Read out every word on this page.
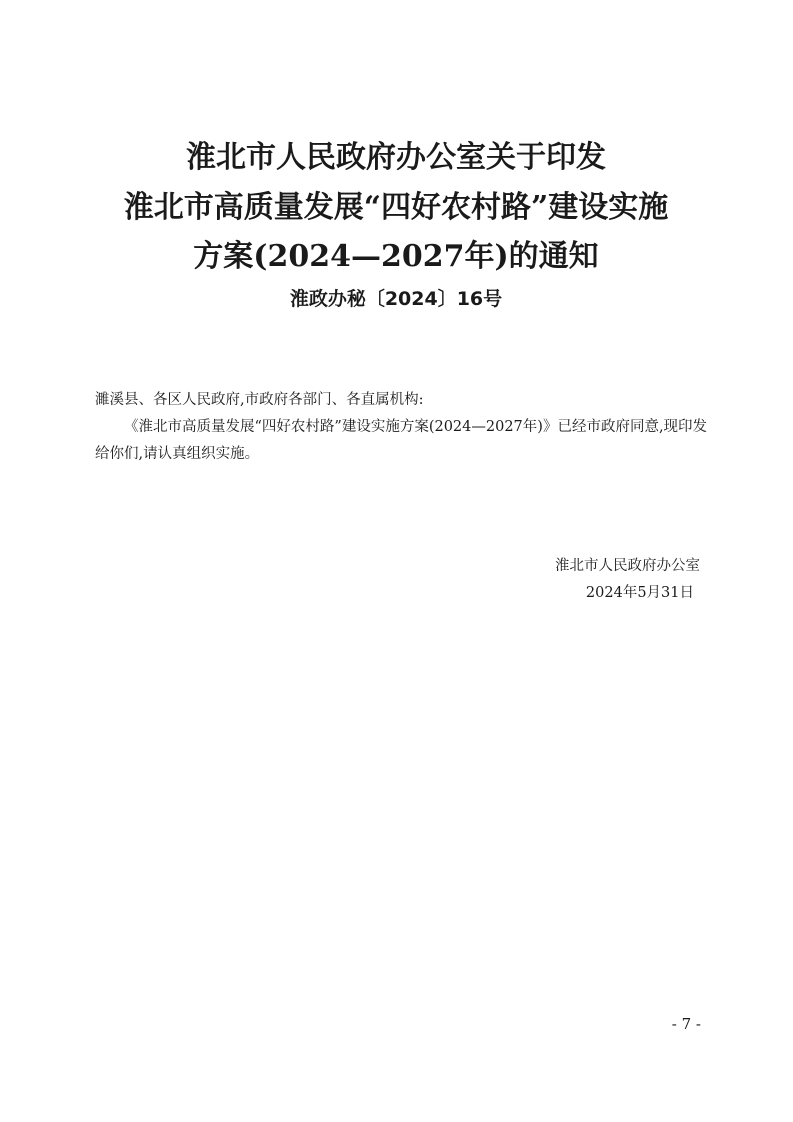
淮北市人民政府办公室关于印发
淮北市高质量发展“四好农村路”建设实施
方案(2024—2027年)的通知
淮政办秘〔2024〕16号
濉溪县、各区人民政府,市政府各部门、各直属机构:
《淮北市高质量发展“四好农村路”建设实施方案(2024—2027年)》已经市政府同意,现印发给你们,请认真组织实施。
淮北市人民政府办公室
2024年5月31日
- 7 -
